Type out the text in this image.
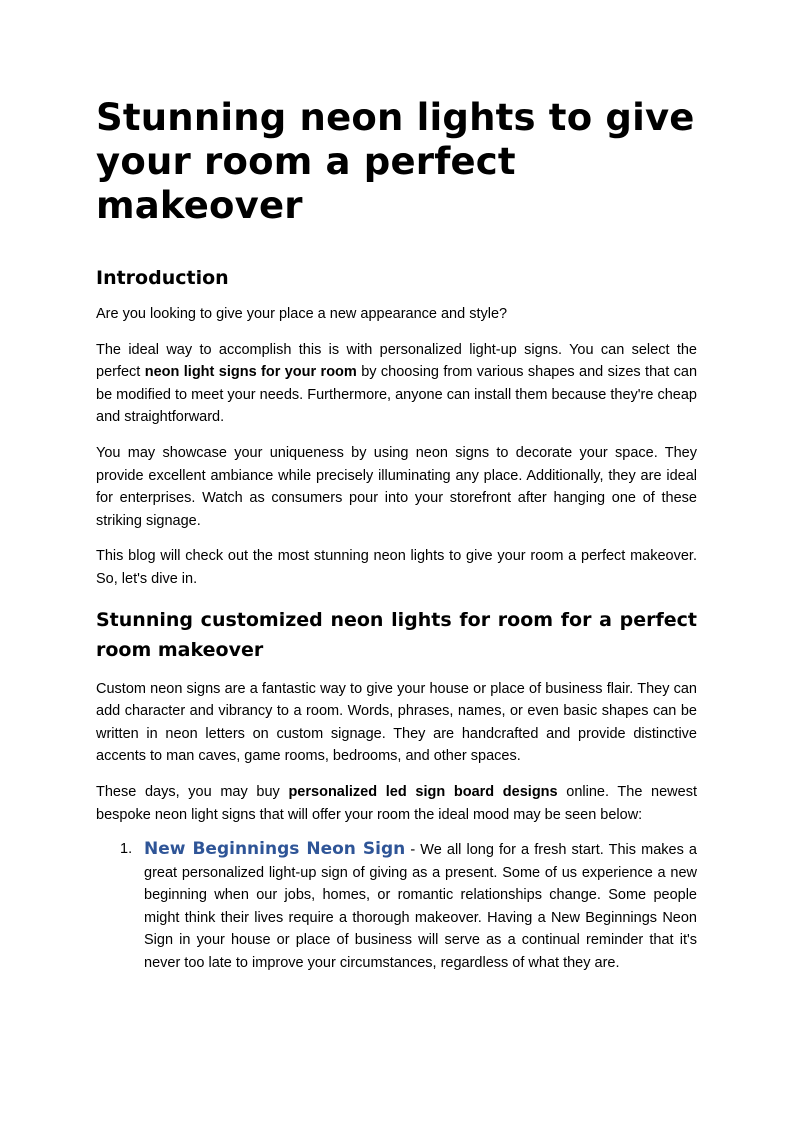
Stunning neon lights to give your room a perfect makeover
Introduction

Are you looking to give your place a new appearance and style?

The ideal way to accomplish this is with personalized light-up signs. You can select the perfect neon light signs for your room by choosing from various shapes and sizes that can be modified to meet your needs. Furthermore, anyone can install them because they're cheap and straightforward.

You may showcase your uniqueness by using neon signs to decorate your space. They provide excellent ambiance while precisely illuminating any place. Additionally, they are ideal for enterprises. Watch as consumers pour into your storefront after hanging one of these striking signage.

This blog will check out the most stunning neon lights to give your room a perfect makeover. So, let's dive in.

Stunning customized neon lights for room for a perfect room makeover

Custom neon signs are a fantastic way to give your house or place of business flair. They can add character and vibrancy to a room. Words, phrases, names, or even basic shapes can be written in neon letters on custom signage. They are handcrafted and provide distinctive accents to man caves, game rooms, bedrooms, and other spaces.

These days, you may buy personalized led sign board designs online. The newest bespoke neon light signs that will offer your room the ideal mood may be seen below:

1. New Beginnings Neon Sign - We all long for a fresh start. This makes a great personalized light-up sign of giving as a present. Some of us experience a new beginning when our jobs, homes, or romantic relationships change. Some people might think their lives require a thorough makeover. Having a New Beginnings Neon Sign in your house or place of business will serve as a continual reminder that it's never too late to improve your circumstances, regardless of what they are.
